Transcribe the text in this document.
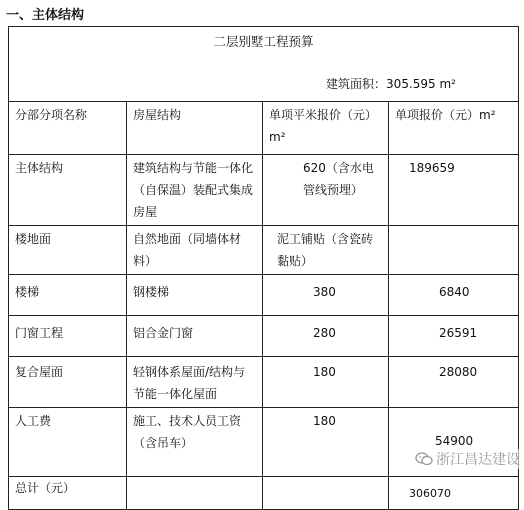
一、主体结构
二层别墅工程预算
建筑面积：305.595 m²			

分部分项名称	房屋结构	单项平米报价（元）m²	单项报价（元）m²
主体结构	建筑结构与节能一体化（自保温）装配式集成房屋	620（含水电管线预埋）	189659
楼地面	自然地面（同墙体材料）	泥工铺贴（含瓷砖黏贴）	
楼梯	钢楼梯	380	6840
门窗工程	铝合金门窗	280	26591
复合屋面	轻钢体系屋面/结构与节能一体化屋面	180	28080
人工费	施工、技术人员工资（含吊车）	180	54900
总计（元）			306070
浙江昌达建设
